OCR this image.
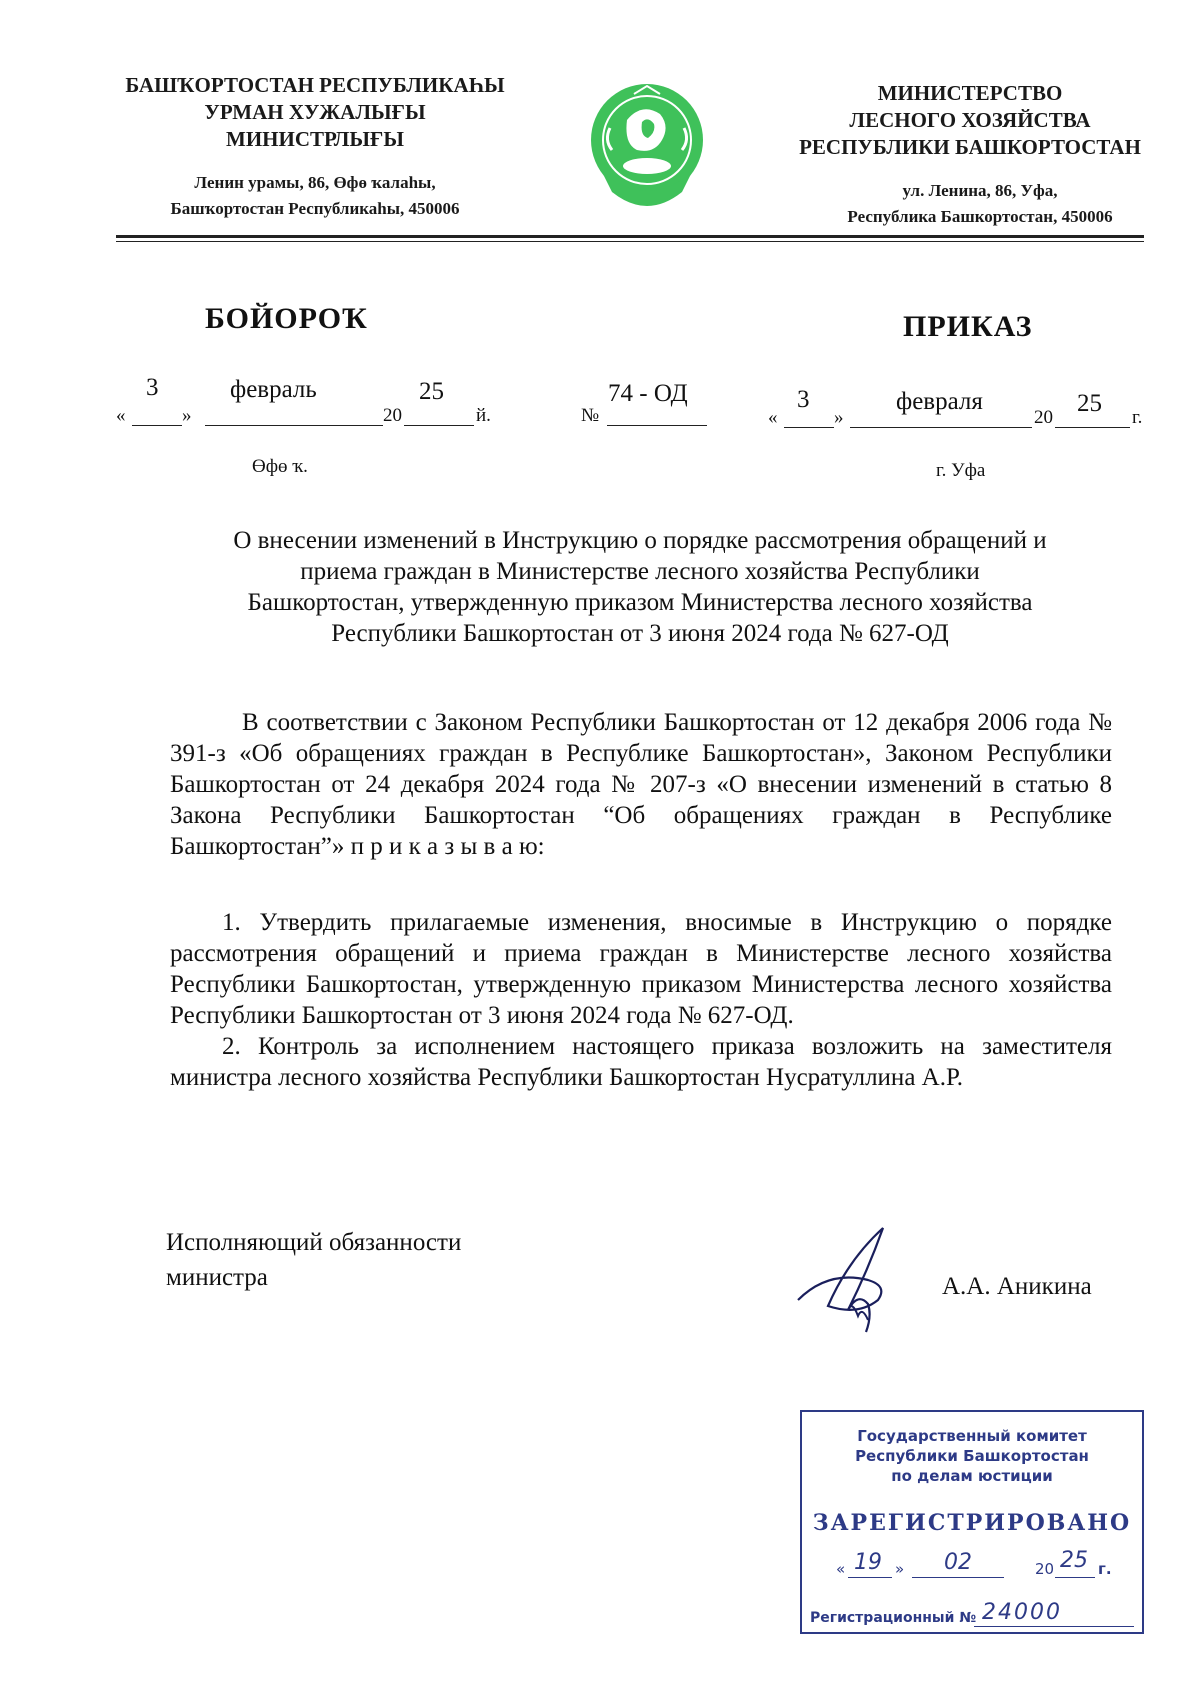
БАШҠОРТОСТАН РЕСПУБЛИКАҺЫ
УРМАН ХУЖАЛЫҒЫ
МИНИСТРЛЫҒЫ
Ленин урамы, 86, Өфө ҡалаһы,
Башҡортостан Республикаһы, 450006
МИНИСТЕРСТВО
ЛЕСНОГО ХОЗЯЙСТВА
РЕСПУБЛИКИ БАШКОРТОСТАН
ул. Ленина, 86, Уфа,
Республика Башкортостан, 450006
БОЙОРОҠ	ПРИКАЗ
«	»
3	февраль
20
25
й.
Өфө ҡ.
№
74 - ОД
«	»
3	февраля
20
25
г.
г. Уфа
О внесении изменений в Инструкцию о порядке рассмотрения обращений и
приема граждан в Министерстве лесного хозяйства Республики
Башкортостан, утвержденную приказом Министерства лесного хозяйства
Республики Башкортостан от 3 июня 2024 года № 627-ОД

В соответствии с Законом Республики Башкортостан от 12 декабря 2006 года № 391-з «Об обращениях граждан в Республике Башкортостан», Законом Республики Башкортостан от 24 декабря 2024 года № 207-з «О внесении изменений в статью 8 Закона Республики Башкортостан “Об обращениях граждан в Республике Башкортостан”» п р и к а з ы в а ю:

1. Утвердить прилагаемые изменения, вносимые в Инструкцию о порядке рассмотрения обращений и приема граждан в Министерстве лесного хозяйства Республики Башкортостан, утвержденную приказом Министерства лесного хозяйства Республики Башкортостан от 3 июня 2024 года № 627-ОД.

2. Контроль за исполнением настоящего приказа возложить на заместителя министра лесного хозяйства Республики Башкортостан Нусратуллина А.Р.

Исполняющий обязанности
министра	А.А. Аникина
Государственный комитет
Республики Башкортостан
по делам юстиции
ЗАРЕГИСТРИРОВАНО
« 19 » 02	20 25 г.
Регистрационный № 24000
